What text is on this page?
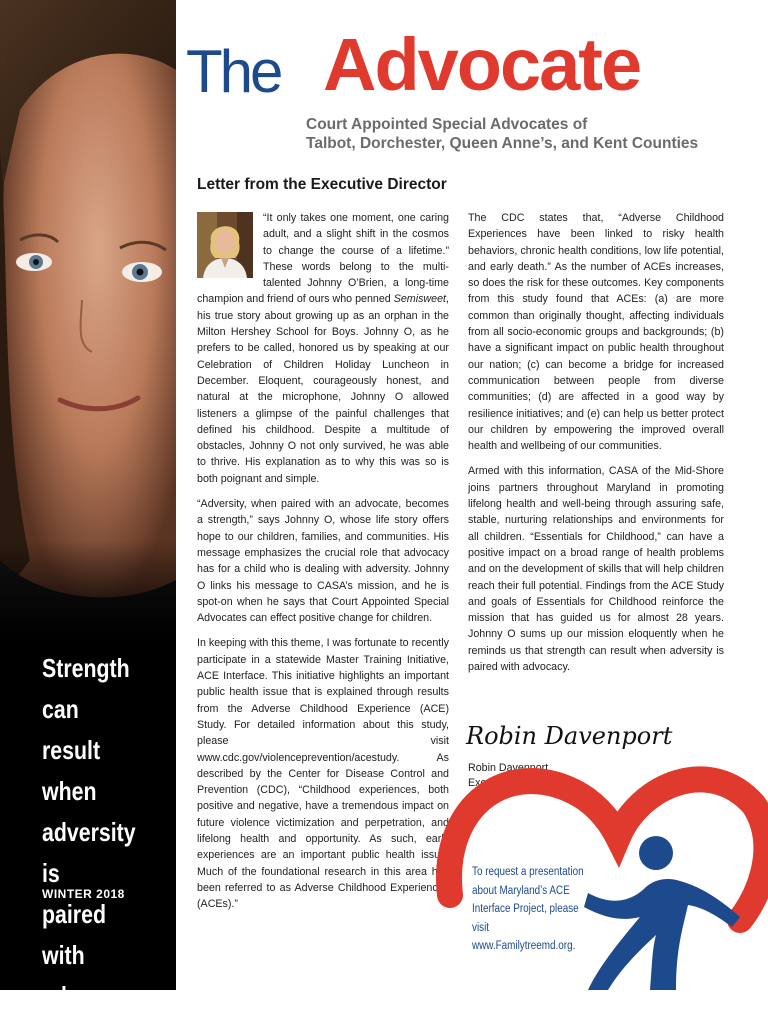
Strength can
result when
adversity is
paired with
advocacy.
WINTER 2018
The Advocate
Court Appointed Special Advocates of
Talbot, Dorchester, Queen Anne’s, and Kent Counties
Letter from the Executive Director

“It only takes one moment, one caring adult, and a slight shift in the cosmos to change the course of a lifetime.” These words belong to the multi-talented Johnny O’Brien, a long-time champion and friend of ours who penned Semisweet, his true story about growing up as an orphan in the Milton Hershey School for Boys. Johnny O, as he prefers to be called, honored us by speaking at our Celebration of Children Holiday Luncheon in December. Eloquent, courageously honest, and natural at the microphone, Johnny O allowed listeners a glimpse of the painful challenges that defined his childhood. Despite a multitude of obstacles, Johnny O not only survived, he was able to thrive. His explanation as to why this was so is both poignant and simple.

“Adversity, when paired with an advocate, becomes a strength,” says Johnny O, whose life story offers hope to our children, families, and communities. His message emphasizes the crucial role that advocacy has for a child who is dealing with adversity. Johnny O links his message to CASA’s mission, and he is spot-on when he says that Court Appointed Special Advocates can effect positive change for children.

In keeping with this theme, I was fortunate to recently participate in a statewide Master Training Initiative, ACE Interface. This initiative highlights an important public health issue that is explained through results from the Adverse Childhood Experience (ACE) Study. For detailed information about this study, please visit www.cdc.gov/violenceprevention/acestudy. As described by the Center for Disease Control and Prevention (CDC), “Childhood experiences, both positive and negative, have a tremendous impact on future violence victimization and perpetration, and lifelong health and opportunity. As such, early experiences are an important public health issue. Much of the foundational research in this area has been referred to as Adverse Childhood Experiences (ACEs).”

The CDC states that, “Adverse Childhood Experiences have been linked to risky health behaviors, chronic health conditions, low life potential, and early death.” As the number of ACEs increases, so does the risk for these outcomes. Key components from this study found that ACEs: (a) are more common than originally thought, affecting individuals from all socio-economic groups and backgrounds; (b) have a significant impact on public health throughout our nation; (c) can become a bridge for increased communication between people from diverse communities; (d) are affected in a good way by resilience initiatives; and (e) can help us better protect our children by empowering the improved overall health and wellbeing of our communities.

Armed with this information, CASA of the Mid-Shore joins partners throughout Maryland in promoting lifelong health and well-being through assuring safe, stable, nurturing relationships and environments for all children. “Essentials for Childhood,” can have a positive impact on a broad range of health problems and on the development of skills that will help children reach their full potential. Findings from the ACE Study and goals of Essentials for Childhood reinforce the mission that has guided us for almost 28 years. Johnny O sums up our mission eloquently when he reminds us that strength can result when adversity is paired with advocacy.

Robin Davenport
Robin Davenport
Executive Director
To request a presentation
about Maryland’s ACE
Interface Project, please
visit www.Familytreemd.org.
